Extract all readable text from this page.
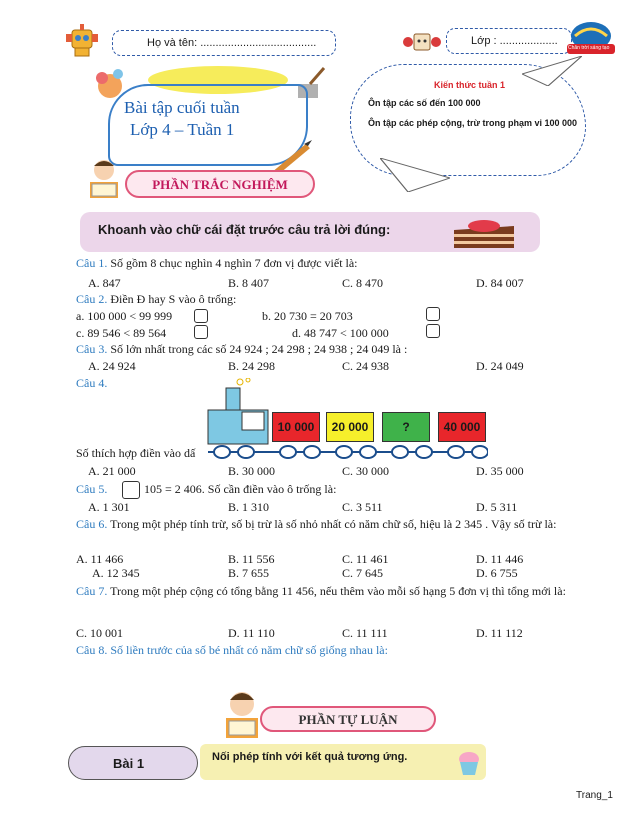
Họ và tên: ......................................	Lớp : ...................
Chân trời sáng tạo
Bài tập cuối tuần
Lớp 4 – Tuần 1
Kiến thức tuần 1
Ôn tập các số đến 100 000
Ôn tập các phép cộng, trừ trong phạm vi 100 000
PHẦN TRẮC NGHIỆM
Khoanh vào chữ cái đặt trước câu trả lời đúng:
Câu 1. Số gồm 8 chục nghìn 4 nghìn 7 đơn vị được viết là:
A. 847	B. 8 407	C. 8 470	D. 84 007
Câu 2. Điền Đ hay S vào ô trống:
a. 100 000 < 99 999	b. 20 730 = 20 703
c. 89 546 < 89 564	d. 48 747 < 100 000
Câu 3. Số lớn nhất trong các số 24 924 ; 24 298 ; 24 938 ; 24 049 là :
A. 24 924	B. 24 298	C. 24 938	D. 24 049
Câu 4.
10 000	20 000	?	40 000
Số thích hợp điền vào dấ
A. 21 000	B. 30 000	C. 30 000	D. 35 000
Câu 5.	105 = 2 406. Số cần điền vào ô trống là:
A. 1 301	B. 1 310	C. 3 511	D. 5 311
Câu 6. Trong một phép tính trừ, số bị trừ là số nhỏ nhất có năm chữ số, hiệu là 2 345 . Vậy số trừ là:
A. 11 466	B. 11 556	C. 11 461	D. 11 446
A. 12 345	B. 7 655	C. 7 645	D. 6 755
Câu 7. Trong một phép cộng có tổng bằng 11 456, nếu thêm vào mỗi số hạng 5 đơn vị thì tổng mới là:
C. 10 001	D. 11 110	C. 11 111	D. 11 112
Câu 8. Số liền trước của số bé nhất có năm chữ số giống nhau là:
PHẦN TỰ LUẬN
Bài 1	Nối phép tính với kết quả tương ứng.
Trang_1
